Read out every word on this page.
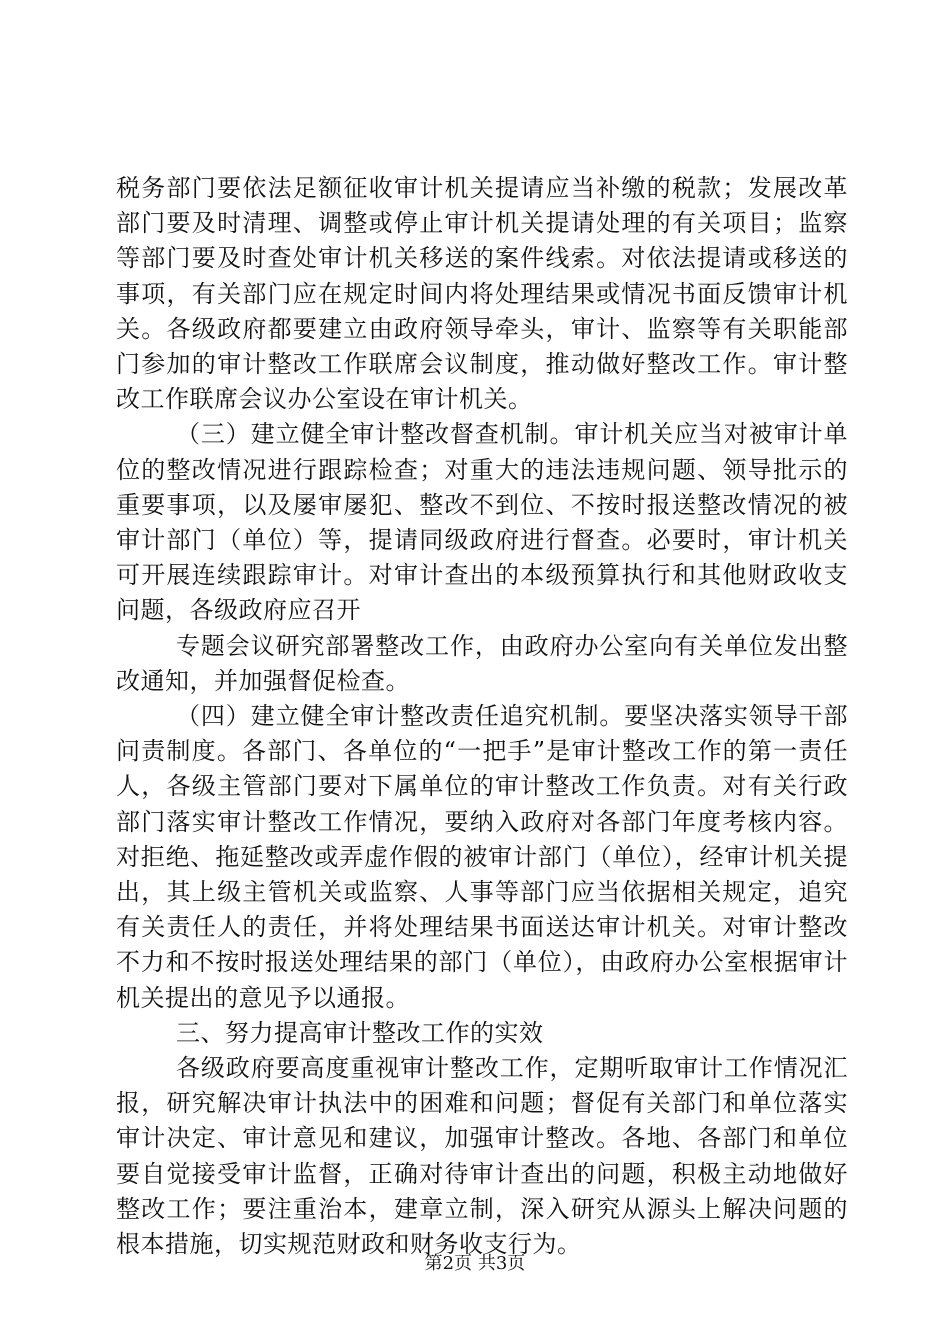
税务部门要依法足额征收审计机关提请应当补缴的税款；发展改革部门要及时清理、调整或停止审计机关提请处理的有关项目；监察等部门要及时查处审计机关移送的案件线索。对依法提请或移送的事项，有关部门应在规定时间内将处理结果或情况书面反馈审计机关。各级政府都要建立由政府领导牵头，审计、监察等有关职能部门参加的审计整改工作联席会议制度，推动做好整改工作。审计整改工作联席会议办公室设在审计机关。

（三）建立健全审计整改督查机制。审计机关应当对被审计单位的整改情况进行跟踪检查；对重大的违法违规问题、领导批示的重要事项，以及屡审屡犯、整改不到位、不按时报送整改情况的被审计部门（单位）等，提请同级政府进行督查。必要时，审计机关可开展连续跟踪审计。对审计查出的本级预算执行和其他财政收支问题，各级政府应召开

专题会议研究部署整改工作，由政府办公室向有关单位发出整改通知，并加强督促检查。

（四）建立健全审计整改责任追究机制。要坚决落实领导干部问责制度。各部门、各单位的“一把手”是审计整改工作的第一责任人，各级主管部门要对下属单位的审计整改工作负责。对有关行政部门落实审计整改工作情况，要纳入政府对各部门年度考核内容。对拒绝、拖延整改或弄虚作假的被审计部门（单位），经审计机关提出，其上级主管机关或监察、人事等部门应当依据相关规定，追究有关责任人的责任，并将处理结果书面送达审计机关。对审计整改不力和不按时报送处理结果的部门（单位），由政府办公室根据审计机关提出的意见予以通报。

三、努力提高审计整改工作的实效

各级政府要高度重视审计整改工作，定期听取审计工作情况汇报，研究解决审计执法中的困难和问题；督促有关部门和单位落实审计决定、审计意见和建议，加强审计整改。各地、各部门和单位要自觉接受审计监督，正确对待审计查出的问题，积极主动地做好整改工作；要注重治本，建章立制，深入研究从源头上解决问题的根本措施，切实规范财政和财务收支行为。

第2页 共3页
